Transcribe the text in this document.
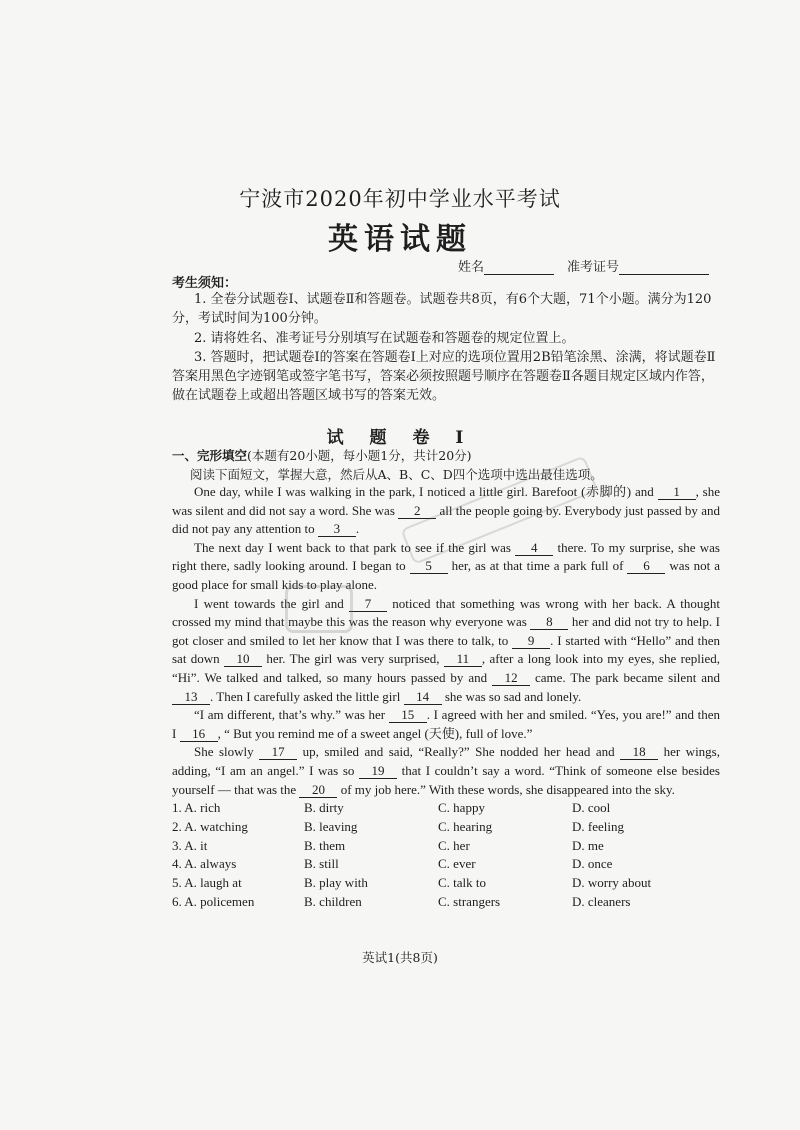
宁波市2020年初中学业水平考试
英语试题
姓名	准考证号
考生须知：
1. 全卷分试题卷Ⅰ、试题卷Ⅱ和答题卷。试题卷共8页，有6个大题，71个小题。满分为120分，考试时间为100分钟。
2. 请将姓名、准考证号分别填写在试题卷和答题卷的规定位置上。
3. 答题时，把试题卷Ⅰ的答案在答题卷Ⅰ上对应的选项位置用2B铅笔涂黑、涂满，将试题卷Ⅱ答案用黑色字迹钢笔或签字笔书写，答案必须按照题号顺序在答题卷Ⅱ各题目规定区域内作答，做在试题卷上或超出答题区域书写的答案无效。
试 题 卷 Ⅰ
一、完形填空(本题有20小题，每小题1分，共计20分)
阅读下面短文，掌握大意，然后从A、B、C、D四个选项中选出最佳选项。

One day, while I was walking in the park, I noticed a little girl. Barefoot (赤脚的) and 1 , she was silent and did not say a word. She was 2 all the people going by. Everybody just passed by and did not pay any attention to 3 .

The next day I went back to that park to see if the girl was 4 there. To my surprise, she was right there, sadly looking around. I began to 5 her, as at that time a park full of 6 was not a good place for small kids to play alone.

I went towards the girl and 7 noticed that something was wrong with her back. A thought crossed my mind that maybe this was the reason why everyone was 8 her and did not try to help. I got closer and smiled to let her know that I was there to talk, to 9 . I started with “Hello” and then sat down 10 her. The girl was very surprised, 11 , after a long look into my eyes, she replied, “Hi”. We talked and talked, so many hours passed by and 12 came. The park became silent and 13 . Then I carefully asked the little girl 14 she was so sad and lonely.

“I am different, that’s why.” was her 15 . I agreed with her and smiled. “Yes, you are!” and then I 16 , “ But you remind me of a sweet angel (天使), full of love.”

She slowly 17 up, smiled and said, “Really?” She nodded her head and 18 her wings, adding, “I am an angel.” I was so 19 that I couldn’t say a word. “Think of someone else besides yourself — that was the 20 of my job here.” With these words, she disappeared into the sky.

1. A. rich	B. dirty	C. happy	D. cool
2. A. watching	B. leaving	C. hearing	D. feeling
3. A. it	B. them	C. her	D. me
4. A. always	B. still	C. ever	D. once
5. A. laugh at	B. play with	C. talk to	D. worry about
6. A. policemen	B. children	C. strangers	D. cleaners
英试1(共8页)
